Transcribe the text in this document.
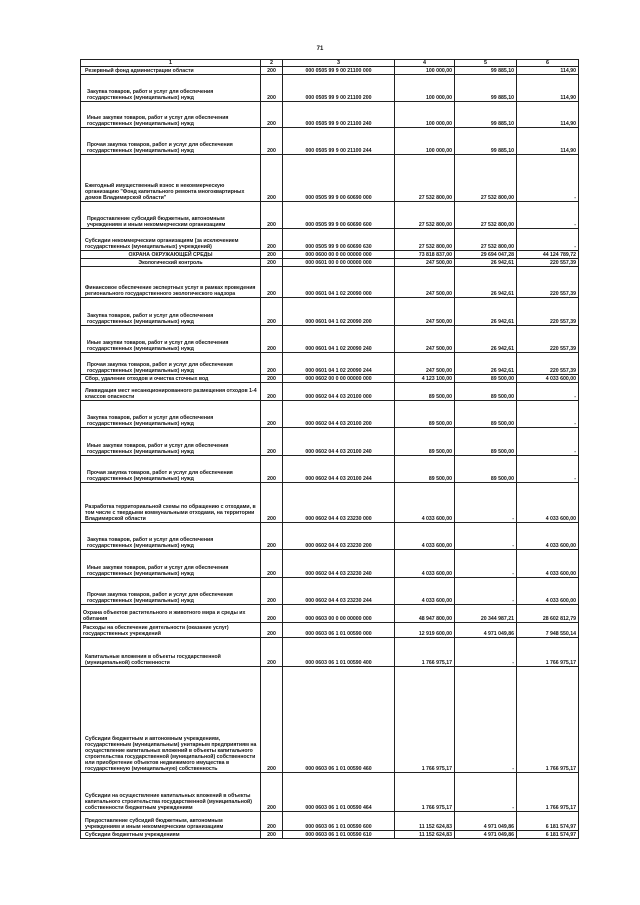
71
1	2	3	4	5	6
Резервный фонд администрации области	200	000 0505 99 9 00 21100 000	100 000,00	99 885,10	114,90
Закупка товаров, работ и услуг для обеспечения государственных (муниципальных) нужд	200	000 0505 99 9 00 21100 200	100 000,00	99 885,10	114,90
Иные закупки товаров, работ и услуг для обеспечения государственных (муниципальных) нужд	200	000 0505 99 9 00 21100 240	100 000,00	99 885,10	114,90
Прочая закупка товаров, работ и услуг для обеспечения государственных (муниципальных) нужд	200	000 0505 99 9 00 21100 244	100 000,00	99 885,10	114,90
Ежегодный имущественный взнос в некоммерческую организацию "Фонд капитального ремонта многоквартирных домов Владимирской области"	200	000 0505 99 9 00 60690 000	27 532 800,00	27 532 800,00	-
Предоставление субсидий бюджетным, автономным учреждениям и иным некоммерческим организациям	200	000 0505 99 9 00 60690 600	27 532 800,00	27 532 800,00	-
Субсидии некоммерческим организациям (за исключением государственных (муниципальных) учреждений)	200	000 0505 99 9 00 60690 630	27 532 800,00	27 532 800,00	-
ОХРАНА ОКРУЖАЮЩЕЙ СРЕДЫ	200	000 0600 00 0 00 00000 000	73 818 837,00	29 694 047,28	44 124 789,72
Экологический контроль	200	000 0601 00 0 00 00000 000	247 500,00	26 942,61	220 557,39
Финансовое обеспечение экспертных услуг в рамках проведения регионального государственного экологического надзора	200	000 0601 04 1 02 20090 000	247 500,00	26 942,61	220 557,39
Закупка товаров, работ и услуг для обеспечения государственных (муниципальных) нужд	200	000 0601 04 1 02 20090 200	247 500,00	26 942,61	220 557,39
Иные закупки товаров, работ и услуг для обеспечения государственных (муниципальных) нужд	200	000 0601 04 1 02 20090 240	247 500,00	26 942,61	220 557,39
Прочая закупка товаров, работ и услуг для обеспечения государственных (муниципальных) нужд	200	000 0601 04 1 02 20090 244	247 500,00	26 942,61	220 557,39
Сбор, удаление отходов и очистка сточных вод	200	000 0602 00 0 00 00000 000	4 123 100,00	89 500,00	4 033 600,00
Ликвидация мест несанкционированного размещения отходов 1-4 классов опасности	200	000 0602 04 4 03 20100 000	89 500,00	89 500,00	-
Закупка товаров, работ и услуг для обеспечения государственных (муниципальных) нужд	200	000 0602 04 4 03 20100 200	89 500,00	89 500,00	-
Иные закупки товаров, работ и услуг для обеспечения государственных (муниципальных) нужд	200	000 0602 04 4 03 20100 240	89 500,00	89 500,00	-
Прочая закупка товаров, работ и услуг для обеспечения государственных (муниципальных) нужд	200	000 0602 04 4 03 20100 244	89 500,00	89 500,00	-
Разработка территориальной схемы по обращению с отходами, в том числе с твердыми коммунальными отходами, на территории Владимирской области	200	000 0602 04 4 03 23230 000	4 033 600,00	-	4 033 600,00
Закупка товаров, работ и услуг для обеспечения государственных (муниципальных) нужд	200	000 0602 04 4 03 23230 200	4 033 600,00	-	4 033 600,00
Иные закупки товаров, работ и услуг для обеспечения государственных (муниципальных) нужд	200	000 0602 04 4 03 23230 240	4 033 600,00	-	4 033 600,00
Прочая закупка товаров, работ и услуг для обеспечения государственных (муниципальных) нужд	200	000 0602 04 4 03 23230 244	4 033 600,00	-	4 033 600,00
Охрана объектов растительного и животного мира и среды их обитания	200	000 0603 00 0 00 00000 000	48 947 800,00	20 344 987,21	28 602 812,79
Расходы на обеспечение деятельности (оказание услуг) государственных учреждений	200	000 0603 06 1 01 00590 000	12 919 600,00	4 971 049,86	7 948 550,14
Капитальные вложения в объекты государственной (муниципальной) собственности	200	000 0603 06 1 01 00590 400	1 766 975,17	-	1 766 975,17
Субсидии бюджетным и автономным учреждениям, государственным (муниципальным) унитарным предприятиям на осуществление капитальных вложений в объекты капитального строительства государственной (муниципальной) собственности или приобретение объектов недвижимого имущества в государственную (муниципальную) собственность	200	000 0603 06 1 01 00590 460	1 766 975,17	-	1 766 975,17
Субсидии на осуществление капитальных вложений в объекты капитального строительства государственной (муниципальной) собственности бюджетным учреждениям	200	000 0603 06 1 01 00590 464	1 766 975,17	-	1 766 975,17
Предоставление субсидий бюджетным, автономным учреждениям и иным некоммерческим организациям	200	000 0603 06 1 01 00590 600	11 152 624,83	4 971 049,86	6 181 574,97
Субсидии бюджетным учреждениям	200	000 0603 06 1 01 00590 610	11 152 624,83	4 971 049,86	6 181 574,97
